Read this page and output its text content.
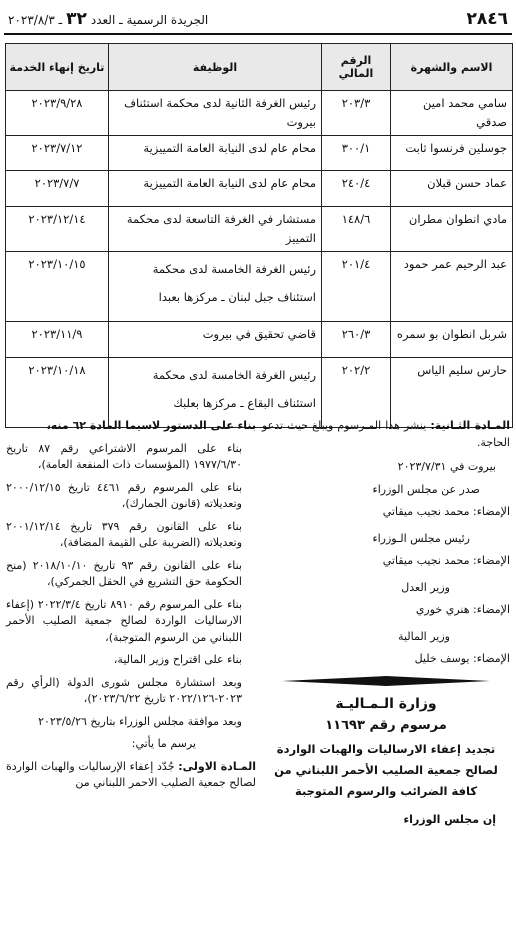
٢٨٤٦
الجريدة الرسمية ـ العدد٣٢ـ ٢٠٢٣/٨/٣
الاسم والشهرة	الرقم المالي	الوظيفة	تاريخ إنهاء الخدمة
سامي محمد امين صدقي	٢٠٣/٣	رئيس الغرفة الثانية لدى محكمة استئناف بيروت	٢٠٢٣/٩/٢٨
جوسلين فرنسوا ثابت	٣٠٠/١	محام عام لدى النيابة العامة التمييزية	٢٠٢٣/٧/١٢
عماد حسن قبلان	٢٤٠/٤	محام عام لدى النيابة العامة التمييزية	٢٠٢٣/٧/٧
مادي انطوان مطران	١٤٨/٦	مستشار في الغرفة التاسعة لدى محكمة التمييز	٢٠٢٣/١٢/١٤
عبد الرحيم عمر حمود	٢٠١/٤	رئيس الغرفة الخامسة لدى محكمة استئناف جبل لبنان ـ مركزها بعبدا	٢٠٢٣/١٠/١٥
شربل انطوان بو سمره	٢٦٠/٣	قاضي تحقيق في بيروت	٢٠٢٣/١١/٩
حارس سليم الياس	٢٠٢/٢	رئيس الغرفة الخامسة لدى محكمة استئناف البقاع ـ مركزها بعلبك	٢٠٢٣/١٠/١٨

المـادة الثـانية: ينشر هذا المـرسوم ويبلغ حيث تدعو الحاجة.

بيروت في ٢٠٢٣/٧/٣١

صدر عن مجلس الوزراء

الإمضاء: محمد نجيب ميقاتي

رئيس مجلس الـوزراء

الإمضاء: محمد نجيب ميقاتي

وزير العدل

الإمضاء: هنري خوري

وزير المالية

الإمضاء: يوسف خليل

وزارة الـمـاليـة
مرسوم رقم ١١٦٩٣
تجديد إعفاء الارساليات والهبات الواردة لصالح جمعية الصليب الأحمر اللبناني من كافة الضرائب والرسوم المتوجبة

إن مجلس الوزراء

بناء على الدستور لاسيما المادة ٦٢ منه،

بناء على المرسوم الاشتراعي رقم ٨٧ تاريخ ١٩٧٧/٦/٣٠ (المؤسسات ذات المنفعة العامة)،

بناء على المرسوم رقم ٤٤٦١ تاريخ ٢٠٠٠/١٢/١٥ وتعديلاته (قانون الجمارك)،

بناء على القانون رقم ٣٧٩ تاريخ ٢٠٠١/١٢/١٤ وتعديلاته (الضريبة على القيمة المضافة)،

بناء على القانون رقم ٩٣ تاريخ ٢٠١٨/١٠/١٠ (منح الحكومة حق التشريع في الحقل الجمركي)،

بناء على المرسوم رقم ٨٩١٠ تاريخ ٢٠٢٢/٣/٤ (إعفاء الارساليات الواردة لصالح جمعية الصليب الأحمر اللبناني من الرسوم المتوجبة)،

بناء على اقتراح وزير المالية،

وبعد استشارة مجلس شورى الدولة (الرأي رقم ٢٠٢٣-٢٠٢٢/١٢٦ تاريخ ٢٠٢٣/٦/٢٢)،

وبعد موافقة مجلس الوزراء بتاريخ ٢٠٢٣/٥/٢٦

يرسم ما يأتي:

المـادة الاولى: جُدّد إعفاء الإرساليات والهبات الواردة لصالح جمعية الصليب الاحمر اللبناني من
